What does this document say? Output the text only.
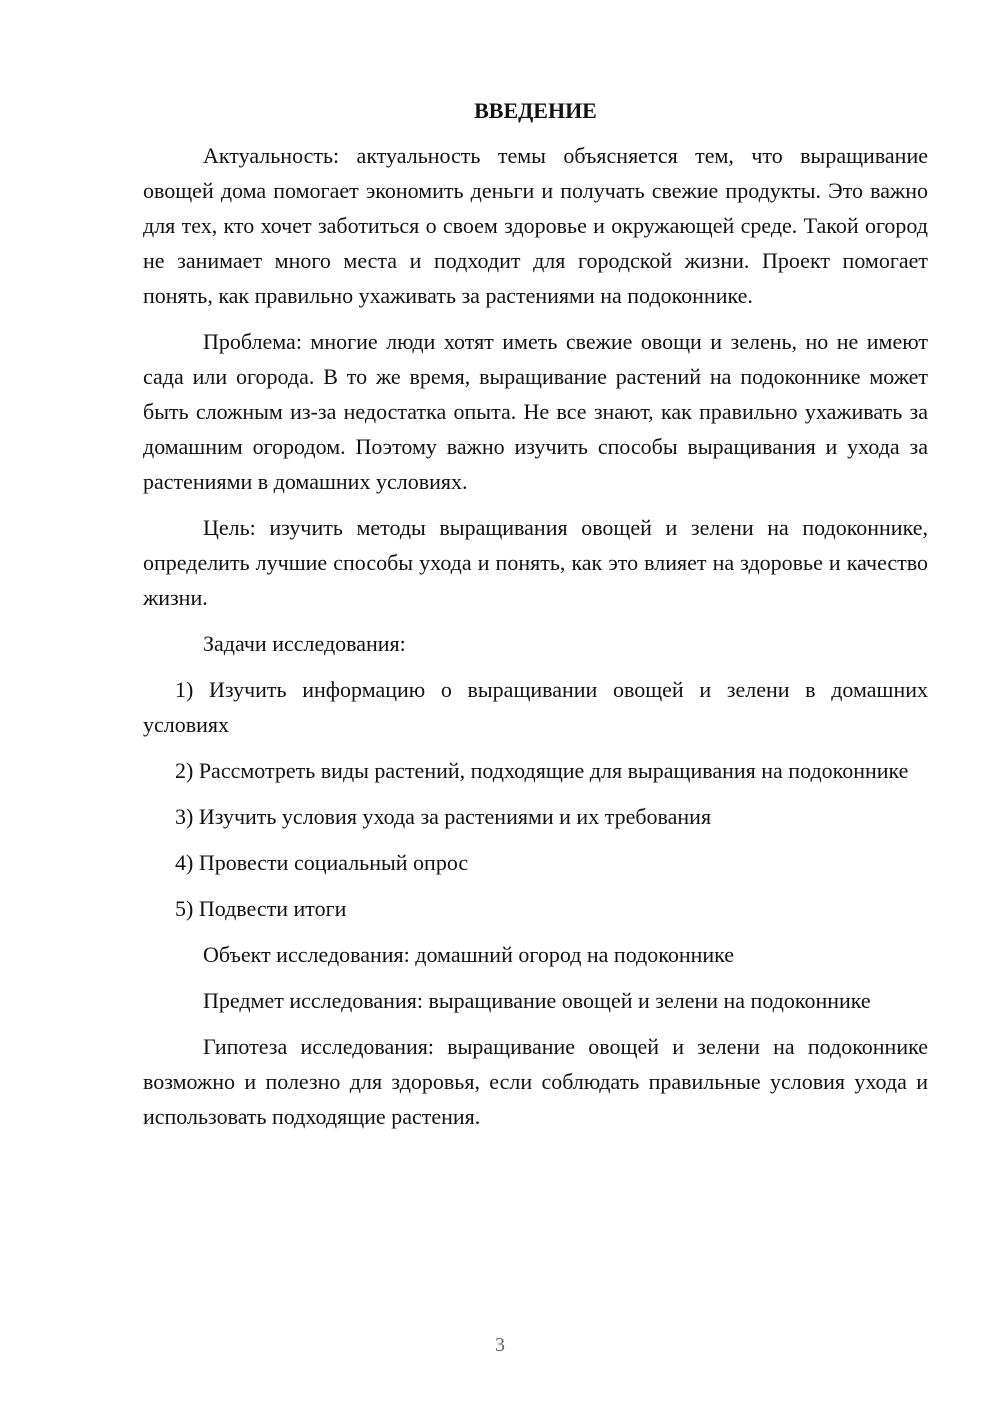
ВВЕДЕНИЕ

Актуальность: актуальность темы объясняется тем, что выращивание овощей дома помогает экономить деньги и получать свежие продукты. Это важно для тех, кто хочет заботиться о своем здоровье и окружающей среде. Такой огород не занимает много места и подходит для городской жизни. Проект помогает понять, как правильно ухаживать за растениями на подоконнике.

Проблема: многие люди хотят иметь свежие овощи и зелень, но не имеют сада или огорода. В то же время, выращивание растений на подоконнике может быть сложным из-за недостатка опыта. Не все знают, как правильно ухаживать за домашним огородом. Поэтому важно изучить способы выращивания и ухода за растениями в домашних условиях.

Цель: изучить методы выращивания овощей и зелени на подоконнике, определить лучшие способы ухода и понять, как это влияет на здоровье и качество жизни.

Задачи исследования:

1) Изучить информацию о выращивании овощей и зелени в домашних условиях

2) Рассмотреть виды растений, подходящие для выращивания на подоконнике

3) Изучить условия ухода за растениями и их требования

4) Провести социальный опрос

5) Подвести итоги

Объект исследования: домашний огород на подоконнике

Предмет исследования: выращивание овощей и зелени на подоконнике

Гипотеза исследования: выращивание овощей и зелени на подоконнике возможно и полезно для здоровья, если соблюдать правильные условия ухода и использовать подходящие растения.

3
